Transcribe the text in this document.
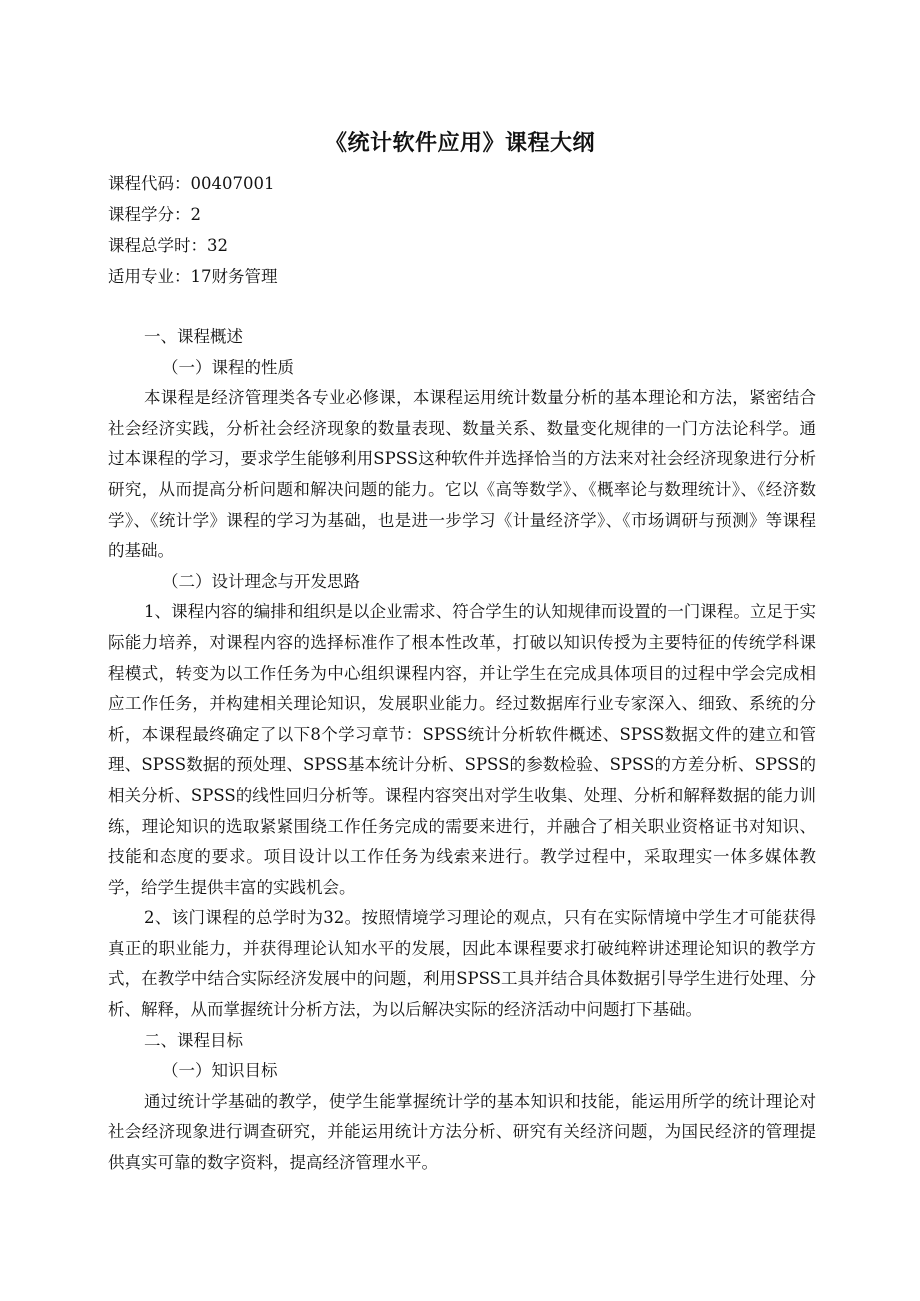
《统计软件应用》课程大纲
课程代码：00407001
课程学分：2
课程总学时：32
适用专业：17财务管理
一、课程概述
（一）课程的性质

本课程是经济管理类各专业必修课，本课程运用统计数量分析的基本理论和方法，紧密结合社会经济实践，分析社会经济现象的数量表现、数量关系、数量变化规律的一门方法论科学。通过本课程的学习，要求学生能够利用SPSS这种软件并选择恰当的方法来对社会经济现象进行分析研究，从而提高分析问题和解决问题的能力。它以《高等数学》、《概率论与数理统计》、《经济数学》、《统计学》课程的学习为基础，也是进一步学习《计量经济学》、《市场调研与预测》等课程的基础。

（二）设计理念与开发思路

1、课程内容的编排和组织是以企业需求、符合学生的认知规律而设置的一门课程。立足于实际能力培养，对课程内容的选择标准作了根本性改革，打破以知识传授为主要特征的传统学科课程模式，转变为以工作任务为中心组织课程内容，并让学生在完成具体项目的过程中学会完成相应工作任务，并构建相关理论知识，发展职业能力。经过数据库行业专家深入、细致、系统的分析，本课程最终确定了以下8个学习章节：SPSS统计分析软件概述、SPSS数据文件的建立和管理、SPSS数据的预处理、SPSS基本统计分析、SPSS的参数检验、SPSS的方差分析、SPSS的相关分析、SPSS的线性回归分析等。课程内容突出对学生收集、处理、分析和解释数据的能力训练，理论知识的选取紧紧围绕工作任务完成的需要来进行，并融合了相关职业资格证书对知识、技能和态度的要求。项目设计以工作任务为线索来进行。教学过程中，采取理实一体多媒体教学，给学生提供丰富的实践机会。

2、该门课程的总学时为32。按照情境学习理论的观点，只有在实际情境中学生才可能获得真正的职业能力，并获得理论认知水平的发展，因此本课程要求打破纯粹讲述理论知识的教学方式，在教学中结合实际经济发展中的问题，利用SPSS工具并结合具体数据引导学生进行处理、分析、解释，从而掌握统计分析方法，为以后解决实际的经济活动中问题打下基础。

二、课程目标
（一）知识目标

通过统计学基础的教学，使学生能掌握统计学的基本知识和技能，能运用所学的统计理论对社会经济现象进行调查研究，并能运用统计方法分析、研究有关经济问题，为国民经济的管理提供真实可靠的数字资料，提高经济管理水平。
